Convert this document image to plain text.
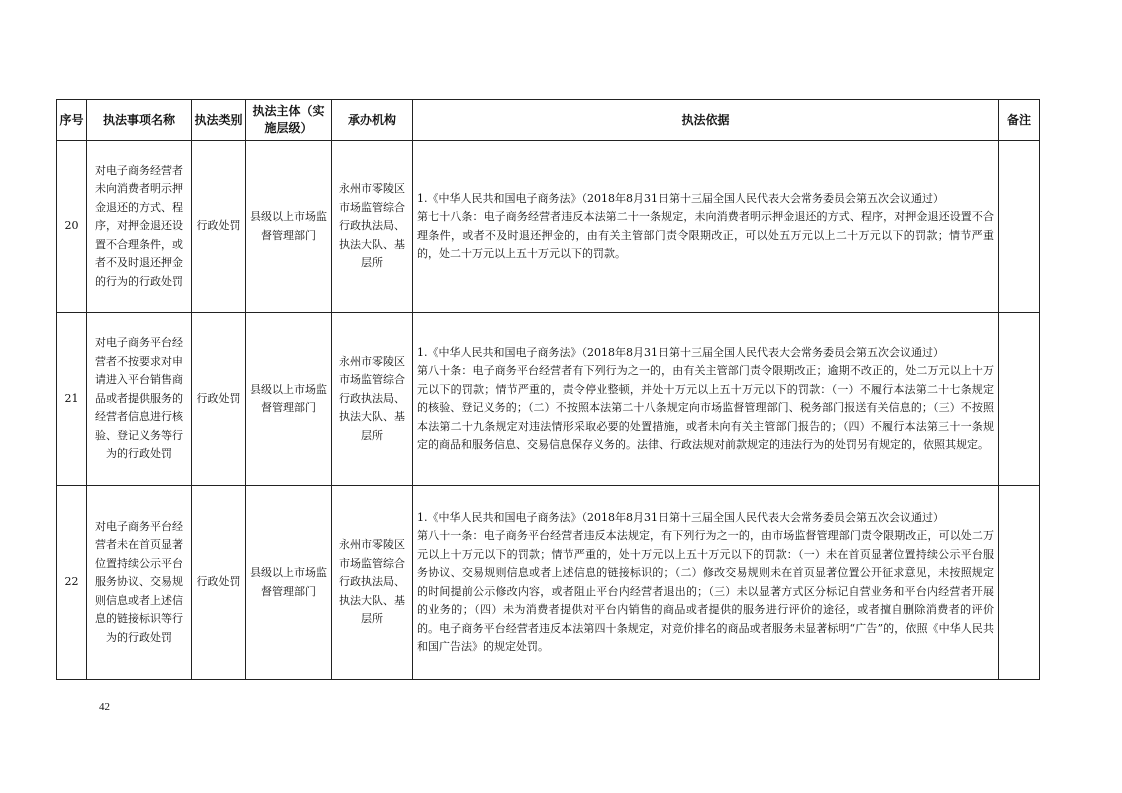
序号	执法事项名称	执法类别	执法主体（实施层级）	承办机构	执法依据	备注
20	对电子商务经营者未向消费者明示押金退还的方式、程序，对押金退还设置不合理条件，或者不及时退还押金的行为的行政处罚	行政处罚	县级以上市场监督管理部门	永州市零陵区市场监管综合行政执法局、执法大队、基层所	1.《中华人民共和国电子商务法》（2018年8月31日第十三届全国人民代表大会常务委员会第五次会议通过）
第七十八条：电子商务经营者违反本法第二十一条规定，未向消费者明示押金退还的方式、程序，对押金退还设置不合理条件，或者不及时退还押金的，由有关主管部门责令限期改正，可以处五万元以上二十万元以下的罚款；情节严重的，处二十万元以上五十万元以下的罚款。	

21	对电子商务平台经营者不按要求对申请进入平台销售商品或者提供服务的经营者信息进行核验、登记义务等行为的行政处罚	行政处罚	县级以上市场监督管理部门	永州市零陵区市场监管综合行政执法局、执法大队、基层所	1.《中华人民共和国电子商务法》（2018年8月31日第十三届全国人民代表大会常务委员会第五次会议通过）
第八十条：电子商务平台经营者有下列行为之一的，由有关主管部门责令限期改正；逾期不改正的，处二万元以上十万元以下的罚款；情节严重的，责令停业整顿，并处十万元以上五十万元以下的罚款：（一）不履行本法第二十七条规定的核验、登记义务的；（二）不按照本法第二十八条规定向市场监督管理部门、税务部门报送有关信息的；（三）不按照本法第二十九条规定对违法情形采取必要的处置措施，或者未向有关主管部门报告的；（四）不履行本法第三十一条规定的商品和服务信息、交易信息保存义务的。法律、行政法规对前款规定的违法行为的处罚另有规定的，依照其规定。	

22	对电子商务平台经营者未在首页显著位置持续公示平台服务协议、交易规则信息或者上述信息的链接标识等行为的行政处罚	行政处罚	县级以上市场监督管理部门	永州市零陵区市场监管综合行政执法局、执法大队、基层所	1.《中华人民共和国电子商务法》（2018年8月31日第十三届全国人民代表大会常务委员会第五次会议通过）
第八十一条：电子商务平台经营者违反本法规定，有下列行为之一的，由市场监督管理部门责令限期改正，可以处二万元以上十万元以下的罚款；情节严重的，处十万元以上五十万元以下的罚款：（一）未在首页显著位置持续公示平台服务协议、交易规则信息或者上述信息的链接标识的；（二）修改交易规则未在首页显著位置公开征求意见，未按照规定的时间提前公示修改内容，或者阻止平台内经营者退出的；（三）未以显著方式区分标记自营业务和平台内经营者开展的业务的；（四）未为消费者提供对平台内销售的商品或者提供的服务进行评价的途径，或者擅自删除消费者的评价的。电子商务平台经营者违反本法第四十条规定，对竞价排名的商品或者服务未显著标明“广告”的，依照《中华人民共和国广告法》的规定处罚。	

42
